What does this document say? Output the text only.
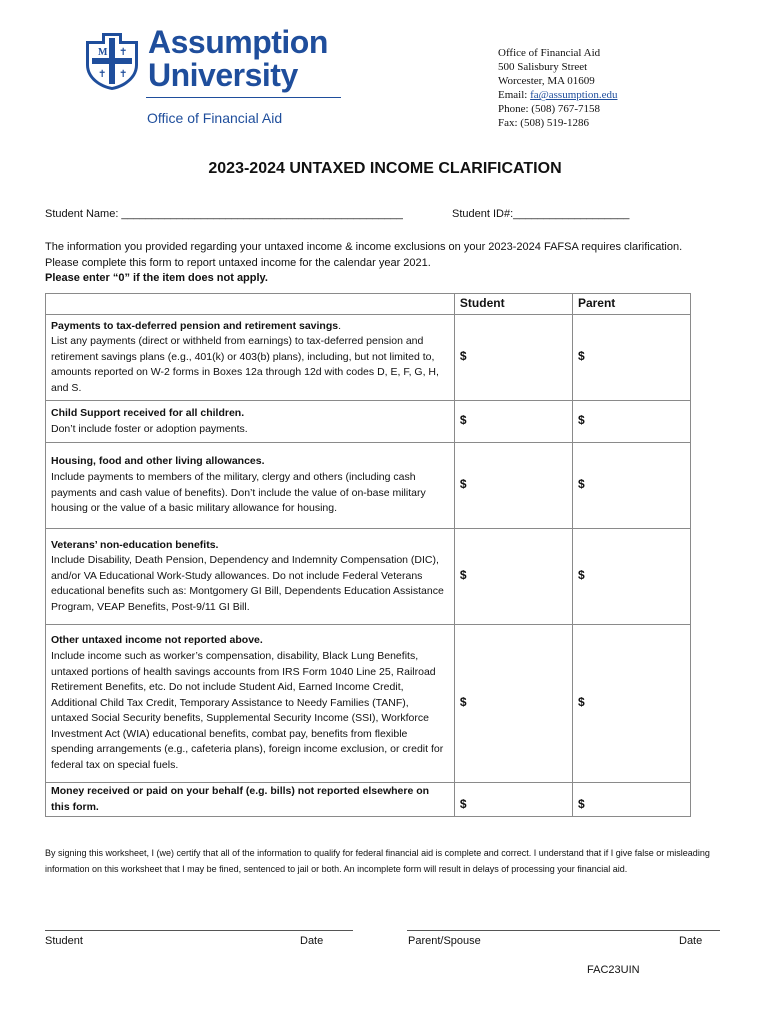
M ✝
✝ ✝
Assumption
University
Office of Financial Aid
Office of Financial Aid
500 Salisbury Street
Worcester, MA 01609
Email: fa@assumption.edu
Phone: (508) 767-7158
Fax: (508) 519-1286
2023-2024 UNTAXED INCOME CLARIFICATION
Student Name: ______________________________________________	Student ID#:___________________
The information you provided regarding your untaxed income & income exclusions on your 2023-2024 FAFSA requires clarification. Please complete this form to report untaxed income for the calendar year 2021.
Please enter “0” if the item does not apply.
	Student	Parent
Payments to tax-deferred pension and retirement savings.
List any payments (direct or withheld from earnings) to tax-deferred pension and retirement savings plans (e.g., 401(k) or 403(b) plans), including, but not limited to, amounts reported on W-2 forms in Boxes 12a through 12d with codes D, E, F, G, H, and S.	$	$
Child Support received for all children.
Don’t include foster or adoption payments.	$	$
Housing, food and other living allowances.
Include payments to members of the military, clergy and others (including cash payments and cash value of benefits). Don’t include the value of on-base military housing or the value of a basic military allowance for housing.	$	$
Veterans’ non-education benefits.
Include Disability, Death Pension, Dependency and Indemnity Compensation (DIC), and/or VA Educational Work-Study allowances. Do not include Federal Veterans educational benefits such as: Montgomery GI Bill, Dependents Education Assistance Program, VEAP Benefits, Post-9/11 GI Bill.	$	$
Other untaxed income not reported above.
Include income such as worker’s compensation, disability, Black Lung Benefits, untaxed portions of health savings accounts from IRS Form 1040 Line 25, Railroad Retirement Benefits, etc. Do not include Student Aid, Earned Income Credit, Additional Child Tax Credit, Temporary Assistance to Needy Families (TANF), untaxed Social Security benefits, Supplemental Security Income (SSI), Workforce Investment Act (WIA) educational benefits, combat pay, benefits from flexible spending arrangements (e.g., cafeteria plans), foreign income exclusion, or credit for federal tax on special fuels.	$	$
Money received or paid on your behalf (e.g. bills) not reported elsewhere on this form.	$	$
By signing this worksheet, I (we) certify that all of the information to qualify for federal financial aid is complete and correct. I understand that if I give false or misleading information on this worksheet that I may be fined, sentenced to jail or both. An incomplete form will result in delays of processing your financial aid.
Student	Date	Parent/Spouse	Date
FAC23UIN
